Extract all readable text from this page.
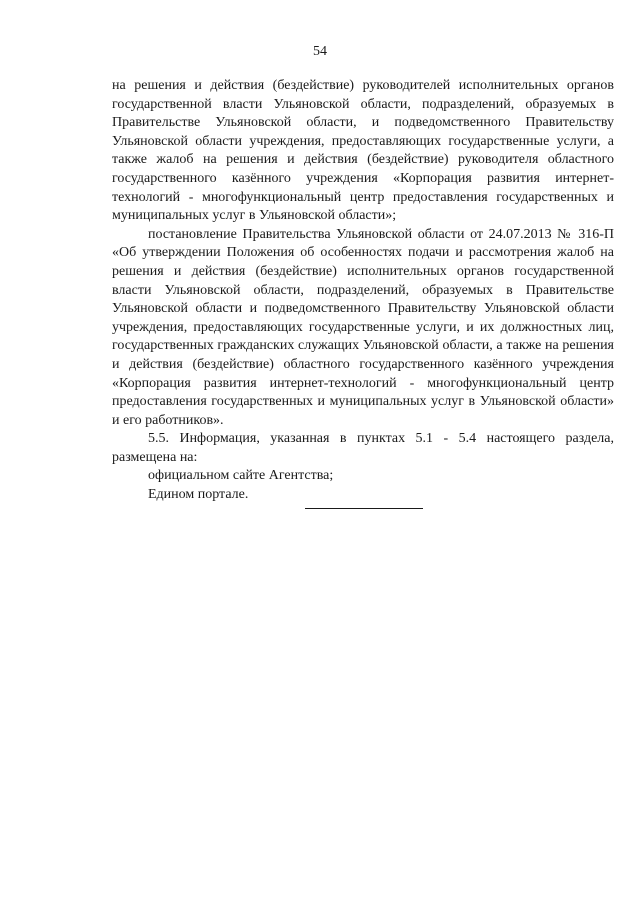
54

на решения и действия (бездействие) руководителей исполнительных органов государственной власти Ульяновской области, подразделений, образуемых в Правительстве Ульяновской области, и подведомственного Правительству Ульяновской области учреждения, предоставляющих государственные услуги, а также жалоб на решения и действия (бездействие) руководителя областного государственного казённого учреждения «Корпорация развития интернет-технологий - многофункциональный центр предоставления государственных и муниципальных услуг в Ульяновской области»;

постановление Правительства Ульяновской области от 24.07.2013 № 316-П «Об утверждении Положения об особенностях подачи и рассмотрения жалоб на решения и действия (бездействие) исполнительных органов государственной власти Ульяновской области, подразделений, образуемых в Правительстве Ульяновской области и подведомственного Правительству Ульяновской области учреждения, предоставляющих государственные услуги, и их должностных лиц, государственных гражданских служащих Ульяновской области, а также на решения и действия (бездействие) областного государственного казённого учреждения «Корпорация развития интернет-технологий - многофункциональный центр предоставления государственных и муниципальных услуг в Ульяновской области» и его работников».

5.5. Информация, указанная в пунктах 5.1 - 5.4 настоящего раздела, размещена на:

официальном сайте Агентства;

Едином портале.
